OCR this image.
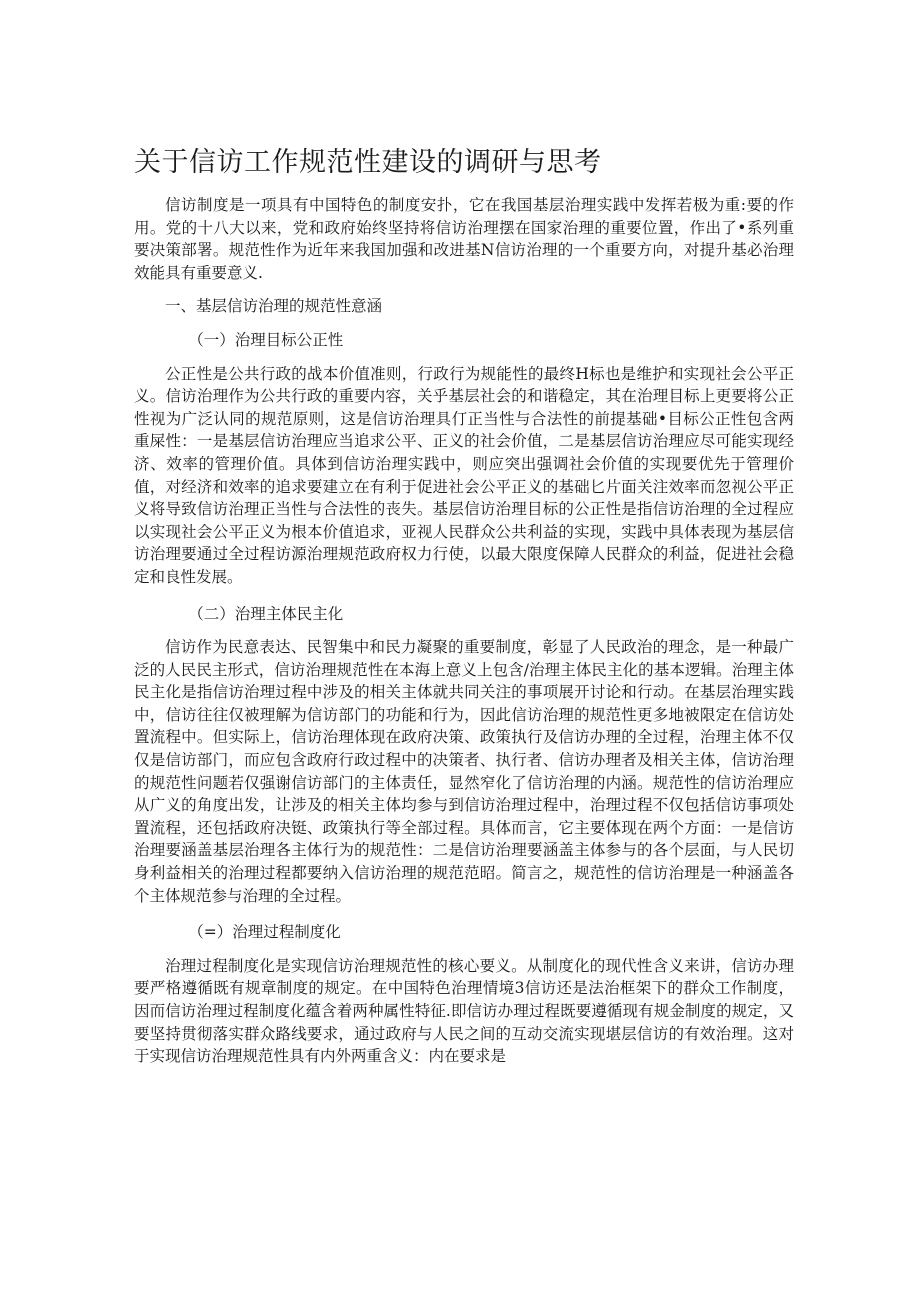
关于信访工作规范性建设的调研与思考

信访制度是一项具有中国特色的制度安扑，它在我国基层治理实践中发挥若极为重:要的作用。党的十八大以来，党和政府始终坚持将信访治理摆在国家治理的重要位置，作出了•系列重要决策部署。规范性作为近年来我国加强和改进基N信访治理的一个重要方向，对提升基必治理效能具有重要意义.

一、基层信访治理的规范性意涵

（一）治理目标公正性

公正性是公共行政的战本价值准则，行政行为规能性的最终H标也是维护和实现社会公平正义。信访治理作为公共行政的重要内容，关乎基层社会的和谐稳定，其在治理目标上更要将公正性视为广泛认同的规范原则，这是信访治理具仃正当性与合法性的前提基础•目标公正性包含两重屎性：一是基层信访治理应当追求公平、正义的社会价值，二是基层信访治理应尽可能实现经济、效率的管理价值。具体到信访治理实践中，则应突出强调社会价值的实现要优先于管理价值，对经济和效率的追求要建立在有利于促进社会公平正义的基础匕片面关注效率而忽视公平正义将导致信访治理正当性与合法性的丧失。基层信访治理目标的公正性是指信访治理的全过程应以实现社会公平正义为根本价值追求，亚视人民群众公共利益的实现，实践中具体表现为基层信访治理要通过全过程访源治理规范政府权力行使，以最大限度保障人民群众的利益，促进社会稳定和良性发展。

（二）治理主体民主化

信访作为民意表达、民智集中和民力凝聚的重要制度，彰显了人民政治的理念，是一种最广泛的人民民主形式，信访治理规范性在本海上意义上包含/治理主体民主化的基本逻辑。治理主体民主化是指信访治理过程中涉及的相关主体就共同关注的事项展开讨论和行动。在基层治理实践中，信访往往仅被理解为信访部门的功能和行为，因此信访治理的规范性更多地被限定在信访处置流程中。但实际上，信访治理体现在政府决策、政策执行及信访办理的全过程，治理主体不仅仅是信访部门，而应包含政府行政过程中的决策者、执行者、信访办理者及相关主体，信访治理的规范性问题若仅强谢信访部门的主体责任，显然窄化了信访治理的内涵。规范性的信访治理应从广义的角度出发，让涉及的相关主体均参与到信访治理过程中，治理过程不仅包括信访事项处置流程，还包括政府决铤、政策执行等全部过程。具体而言，它主要体现在两个方面：一是信访治理要涵盖基层治理各主体行为的规范性：二是信访治理要涵盖主体参与的各个层面，与人民切身利益相关的治理过程都要纳入信访治理的规范范昭。简言之，规范性的信访治理是一种涵盖各个主体规范参与治理的全过程。

（=）治理过程制度化

治理过程制度化是实现信访治理规范性的核心要义。从制度化的现代性含义来讲，信访办理要严格遵循既有规章制度的规定。在中国特色治理情境3信访还是法治框架下的群众工作制度，因而信访治理过程制度化蕴含着两种属性特征.即信访办理过程既要遵循现有规金制度的规定，又要坚持贯彻落实群众路线要求，通过政府与人民之间的互动交流实现堪层信访的有效治理。这对于实现信访治理规范性具有内外两重含义：内在要求是
